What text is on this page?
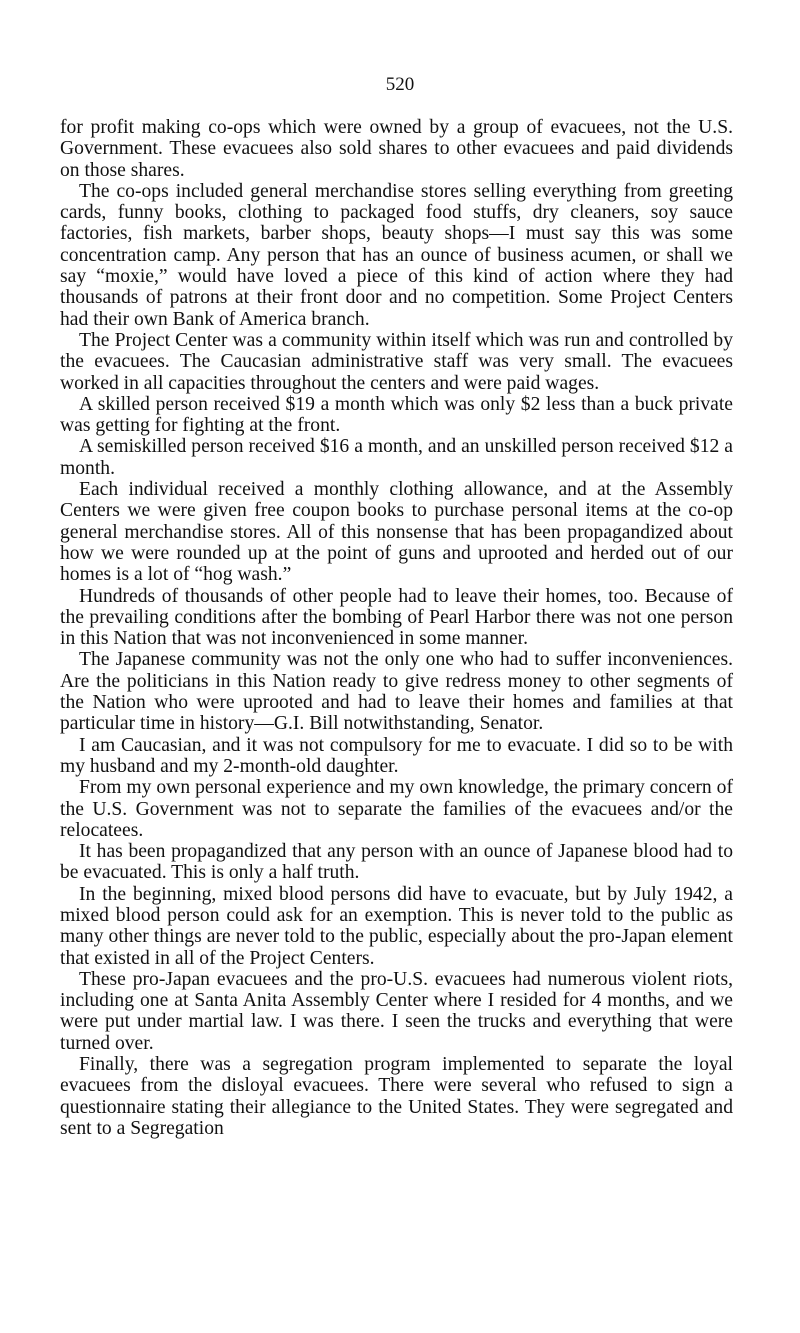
520

for profit making co-ops which were owned by a group of evacuees, not the U.S. Government. These evacuees also sold shares to other evacuees and paid dividends on those shares.

The co-ops included general merchandise stores selling everything from greeting cards, funny books, clothing to packaged food stuffs, dry cleaners, soy sauce factories, fish markets, barber shops, beauty shops—I must say this was some concentration camp. Any person that has an ounce of business acumen, or shall we say “moxie,” would have loved a piece of this kind of action where they had thousands of patrons at their front door and no competition. Some Project Centers had their own Bank of America branch.

The Project Center was a community within itself which was run and controlled by the evacuees. The Caucasian administrative staff was very small. The evacuees worked in all capacities throughout the centers and were paid wages.

A skilled person received $19 a month which was only $2 less than a buck private was getting for fighting at the front.

A semiskilled person received $16 a month, and an unskilled person received $12 a month.

Each individual received a monthly clothing allowance, and at the Assembly Centers we were given free coupon books to purchase personal items at the co-op general merchandise stores. All of this nonsense that has been propagandized about how we were rounded up at the point of guns and uprooted and herded out of our homes is a lot of “hog wash.”

Hundreds of thousands of other people had to leave their homes, too. Because of the prevailing conditions after the bombing of Pearl Harbor there was not one person in this Nation that was not inconvenienced in some manner.

The Japanese community was not the only one who had to suffer inconveniences. Are the politicians in this Nation ready to give redress money to other segments of the Nation who were uprooted and had to leave their homes and families at that particular time in history—G.I. Bill notwithstanding, Senator.

I am Caucasian, and it was not compulsory for me to evacuate. I did so to be with my husband and my 2-month-old daughter.

From my own personal experience and my own knowledge, the primary concern of the U.S. Government was not to separate the families of the evacuees and/or the relocatees.

It has been propagandized that any person with an ounce of Japanese blood had to be evacuated. This is only a half truth.

In the beginning, mixed blood persons did have to evacuate, but by July 1942, a mixed blood person could ask for an exemption. This is never told to the public as many other things are never told to the public, especially about the pro-Japan element that existed in all of the Project Centers.

These pro-Japan evacuees and the pro-U.S. evacuees had numerous violent riots, including one at Santa Anita Assembly Center where I resided for 4 months, and we were put under martial law. I was there. I seen the trucks and everything that were turned over.

Finally, there was a segregation program implemented to separate the loyal evacuees from the disloyal evacuees. There were several who refused to sign a questionnaire stating their allegiance to the United States. They were segregated and sent to a Segregation
